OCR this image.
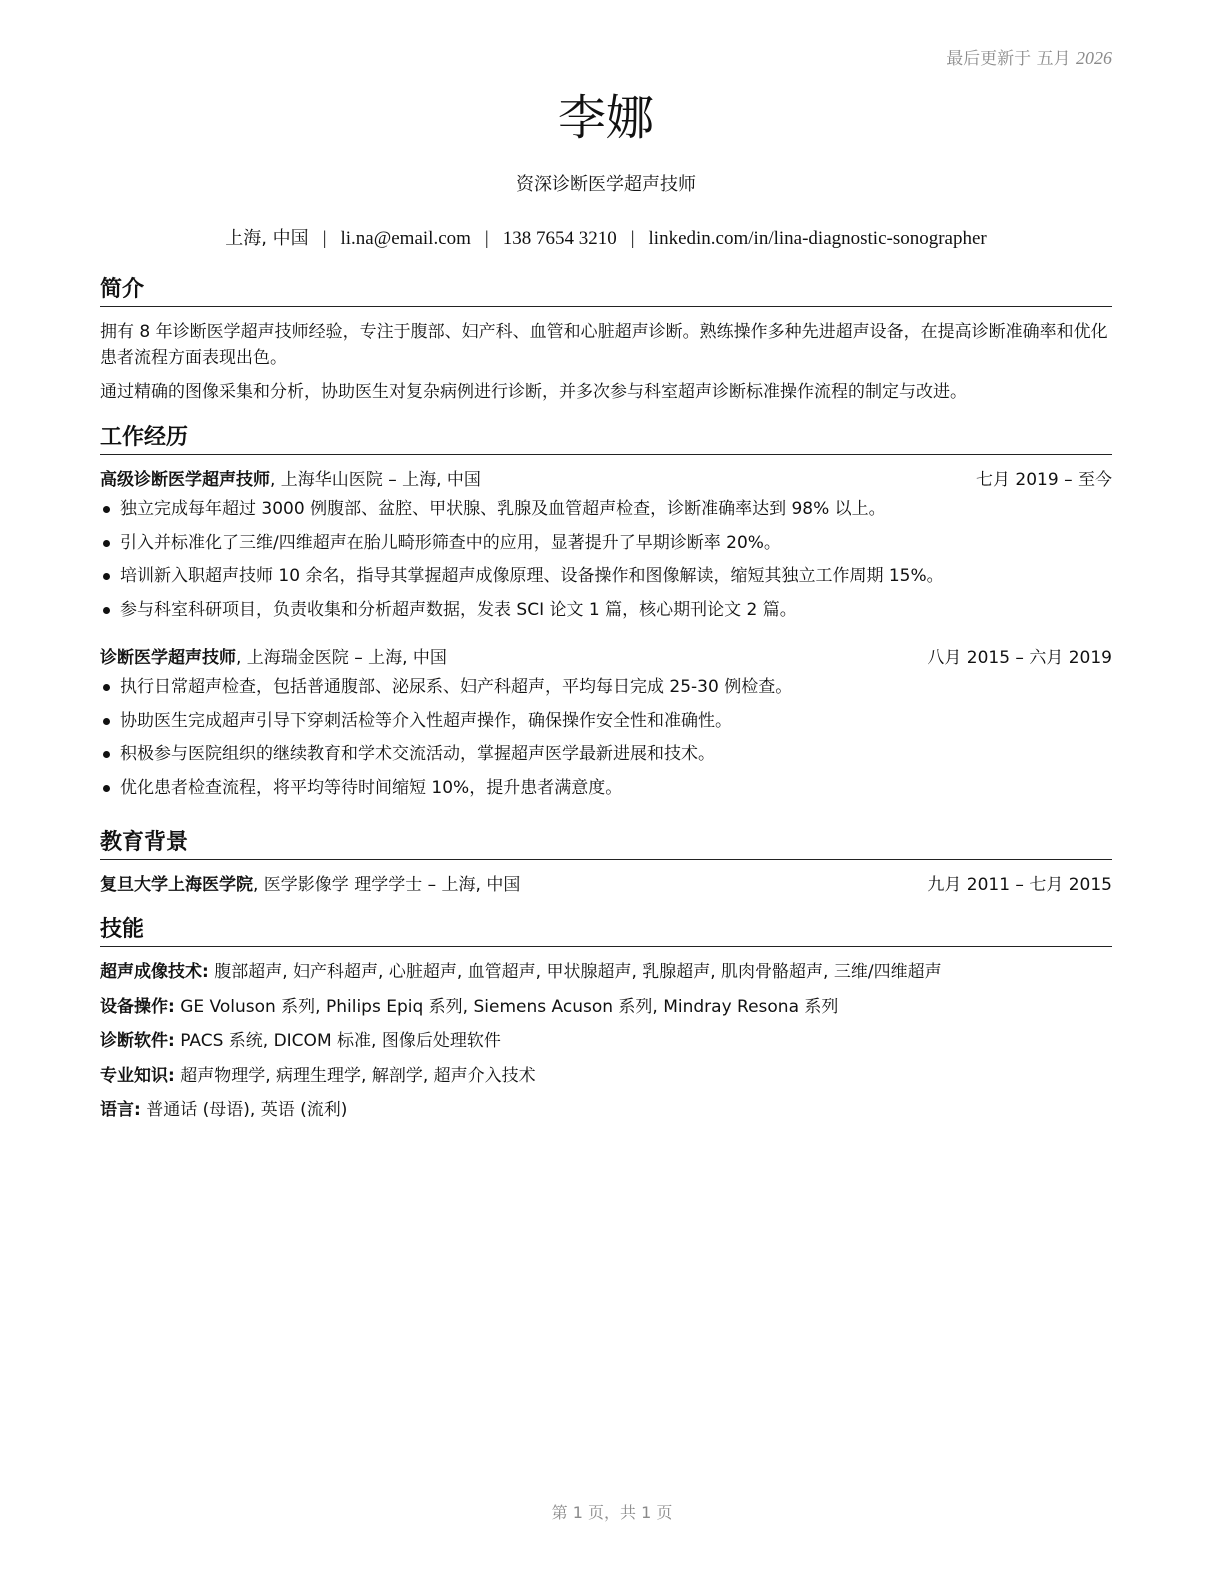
最后更新于 五月 2026
李娜
资深诊断医学超声技师
上海, 中国 | li.na@email.com | 138 7654 3210 | linkedin.com/in/lina-diagnostic-sonographer
简介

拥有 8 年诊断医学超声技师经验，专注于腹部、妇产科、血管和心脏超声诊断。熟练操作多种先进超声设备，在提高诊断准确率和优化患者流程方面表现出色。

通过精确的图像采集和分析，协助医生对复杂病例进行诊断，并多次参与科室超声诊断标准操作流程的制定与改进。

工作经历
高级诊断医学超声技师, 上海华山医院 – 上海, 中国	七月 2019 – 至今
独立完成每年超过 3000 例腹部、盆腔、甲状腺、乳腺及血管超声检查，诊断准确率达到 98% 以上。
引入并标准化了三维/四维超声在胎儿畸形筛查中的应用，显著提升了早期诊断率 20%。
培训新入职超声技师 10 余名，指导其掌握超声成像原理、设备操作和图像解读，缩短其独立工作周期 15%。
参与科室科研项目，负责收集和分析超声数据，发表 SCI 论文 1 篇，核心期刊论文 2 篇。
诊断医学超声技师, 上海瑞金医院 – 上海, 中国	八月 2015 – 六月 2019
执行日常超声检查，包括普通腹部、泌尿系、妇产科超声，平均每日完成 25-30 例检查。
协助医生完成超声引导下穿刺活检等介入性超声操作，确保操作安全性和准确性。
积极参与医院组织的继续教育和学术交流活动，掌握超声医学最新进展和技术。
优化患者检查流程，将平均等待时间缩短 10%，提升患者满意度。
教育背景
复旦大学上海医学院, 医学影像学 理学学士 – 上海, 中国	九月 2011 – 七月 2015
技能
超声成像技术: 腹部超声, 妇产科超声, 心脏超声, 血管超声, 甲状腺超声, 乳腺超声, 肌肉骨骼超声, 三维/四维超声
设备操作: GE Voluson 系列, Philips Epiq 系列, Siemens Acuson 系列, Mindray Resona 系列
诊断软件: PACS 系统, DICOM 标准, 图像后处理软件
专业知识: 超声物理学, 病理生理学, 解剖学, 超声介入技术
语言: 普通话 (母语), 英语 (流利)
第 1 页，共 1 页
